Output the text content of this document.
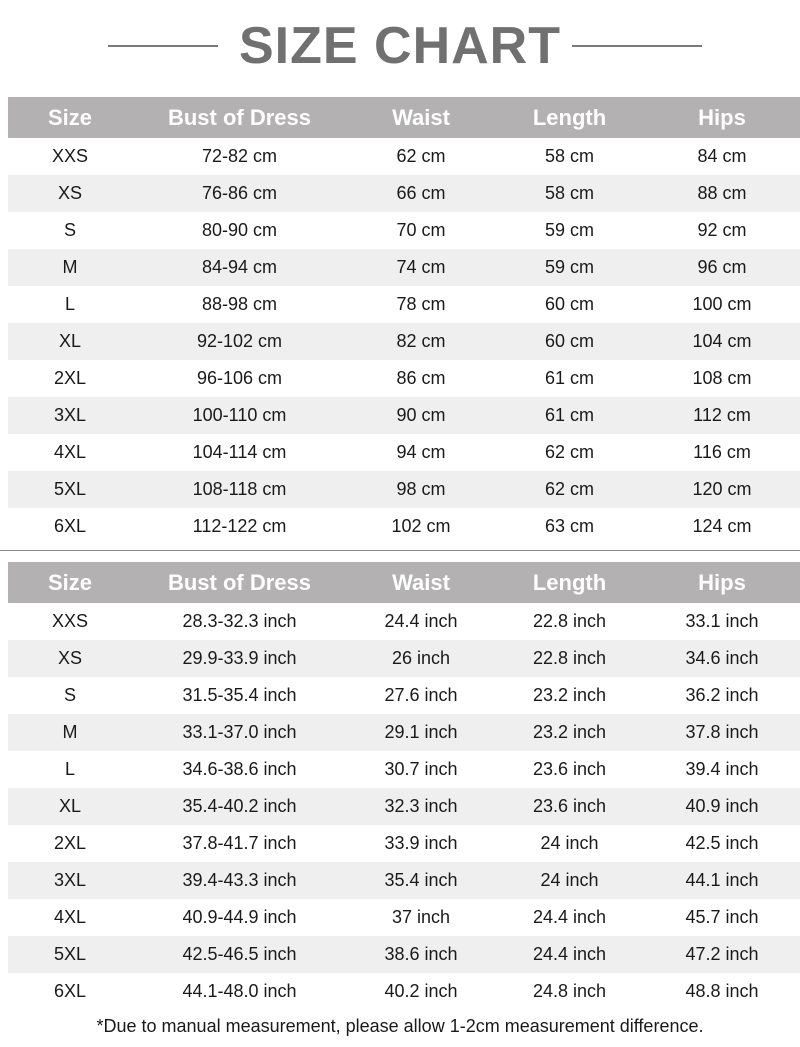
SIZE CHART
Size	Bust of Dress	Waist	Length	Hips
XXS	72-82 cm	62 cm	58 cm	84 cm
XS	76-86 cm	66 cm	58 cm	88 cm
S	80-90 cm	70 cm	59 cm	92 cm
M	84-94 cm	74 cm	59 cm	96 cm
L	88-98 cm	78 cm	60 cm	100 cm
XL	92-102 cm	82 cm	60 cm	104 cm
2XL	96-106 cm	86 cm	61 cm	108 cm
3XL	100-110 cm	90 cm	61 cm	112 cm
4XL	104-114 cm	94 cm	62 cm	116 cm
5XL	108-118 cm	98 cm	62 cm	120 cm
6XL	112-122 cm	102 cm	63 cm	124 cm
Size	Bust of Dress	Waist	Length	Hips
XXS	28.3-32.3 inch	24.4 inch	22.8 inch	33.1 inch
XS	29.9-33.9 inch	26 inch	22.8 inch	34.6 inch
S	31.5-35.4 inch	27.6 inch	23.2 inch	36.2 inch
M	33.1-37.0 inch	29.1 inch	23.2 inch	37.8 inch
L	34.6-38.6 inch	30.7 inch	23.6 inch	39.4 inch
XL	35.4-40.2 inch	32.3 inch	23.6 inch	40.9 inch
2XL	37.8-41.7 inch	33.9 inch	24 inch	42.5 inch
3XL	39.4-43.3 inch	35.4 inch	24 inch	44.1 inch
4XL	40.9-44.9 inch	37 inch	24.4 inch	45.7 inch
5XL	42.5-46.5 inch	38.6 inch	24.4 inch	47.2 inch
6XL	44.1-48.0 inch	40.2 inch	24.8 inch	48.8 inch
*Due to manual measurement, please allow 1-2cm measurement difference.
